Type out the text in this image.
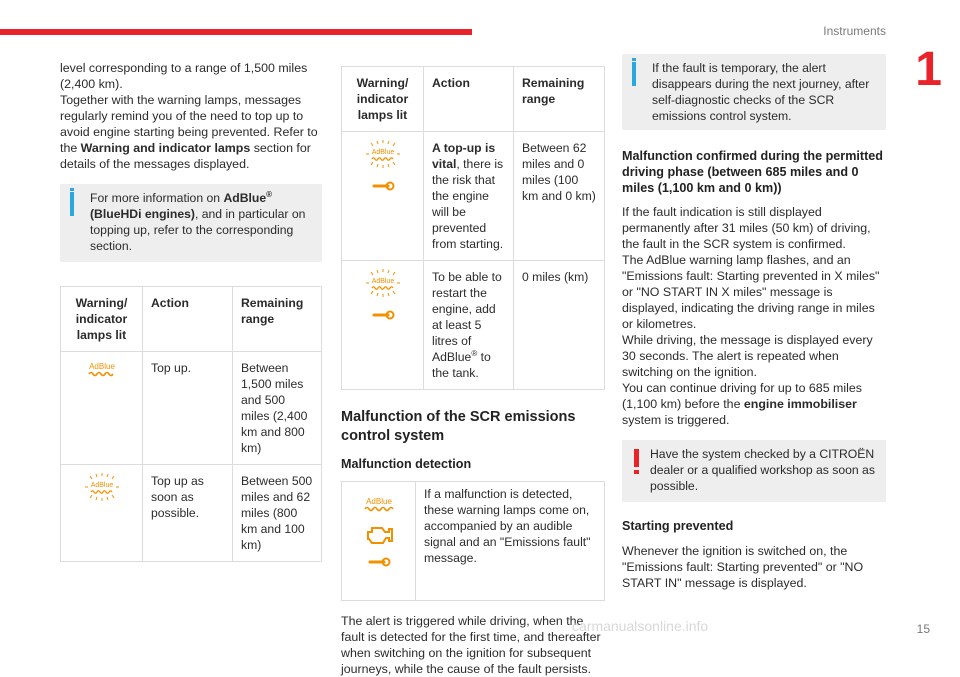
Instruments
1

level corresponding to a range of 1,500 miles (2,400 km).

Together with the warning lamps, messages regularly remind you of the need to top up to avoid engine starting being prevented. Refer to the Warning and indicator lamps section for details of the messages displayed.

For more information on AdBlue®
(BlueHDi engines), and in particular on topping up, refer to the corresponding section.
Warning/ indicator lamps lit	Action	Remaining range

AdBlue	Top up.	Between 1,500 miles and 500 miles (2,400 km and 800 km)

AdBlue	Top up as soon as possible.	Between 500 miles and 62 miles (800 km and 100 km)
Warning/ indicator lamps lit	Action	Remaining range

AdBlue	A top-up is vital, there is the risk that the engine will be prevented from starting.	Between 62 miles and 0 miles (100 km and 0 km)

AdBlue	To be able to restart the engine, add at least 5 litres of AdBlue® to the tank.	0 miles (km)
Malfunction of the SCR emissions control system
Malfunction detection
AdBlue
	If a malfunction is detected, these warning lamps come on, accompanied by an audible signal and an "Emissions fault" message.

The alert is triggered while driving, when the fault is detected for the first time, and thereafter when switching on the ignition for subsequent journeys, while the cause of the fault persists.

If the fault is temporary, the alert disappears during the next journey, after self-diagnostic checks of the SCR emissions control system.
Malfunction confirmed during the permitted driving phase (between 685 miles and 0 miles (1,100 km and 0 km))

If the fault indication is still displayed permanently after 31 miles (50 km) of driving, the fault in the SCR system is confirmed.

The AdBlue warning lamp flashes, and an "Emissions fault: Starting prevented in X miles" or "NO START IN X miles" message is displayed, indicating the driving range in miles or kilometres.

While driving, the message is displayed every 30 seconds. The alert is repeated when switching on the ignition.

You can continue driving for up to 685 miles (1,100 km) before the engine immobiliser system is triggered.

Have the system checked by a CITROËN dealer or a qualified workshop as soon as possible.
Starting prevented

Whenever the ignition is switched on, the "Emissions fault: Starting prevented" or "NO START IN" message is displayed.

15
carmanualsonline.info
